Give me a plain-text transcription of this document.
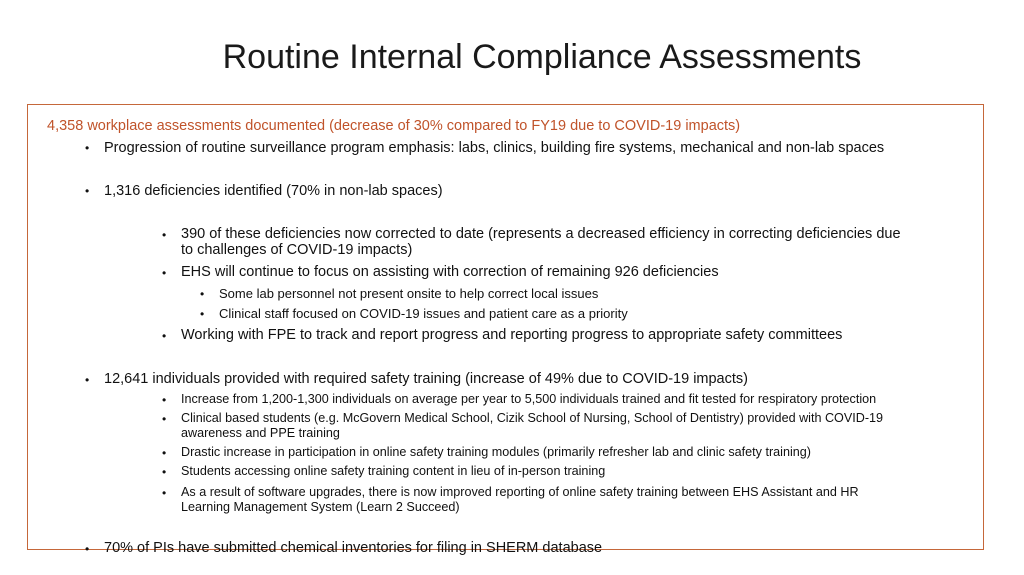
Routine Internal Compliance Assessments
4,358 workplace assessments documented (decrease of 30% compared to FY19 due to COVID-19 impacts)
• Progression of routine surveillance program emphasis: labs, clinics, building fire systems, mechanical and non-lab spaces
• 1,316 deficiencies identified (70% in non-lab spaces)
• 390 of these deficiencies now corrected to date (represents a decreased efficiency in correcting deficiencies due
to challenges of COVID-19 impacts)
• EHS will continue to focus on assisting with correction of remaining 926 deficiencies
• Some lab personnel not present onsite to help correct local issues
• Clinical staff focused on COVID-19 issues and patient care as a priority
• Working with FPE to track and report progress and reporting progress to appropriate safety committees
• 12,641 individuals provided with required safety training (increase of 49% due to COVID-19 impacts)
• Increase from 1,200-1,300 individuals on average per year to 5,500 individuals trained and fit tested for respiratory protection
• Clinical based students (e.g. McGovern Medical School, Cizik School of Nursing, School of Dentistry) provided with COVID-19
awareness and PPE training
• Drastic increase in participation in online safety training modules (primarily refresher lab and clinic safety training)
• Students accessing online safety training content in lieu of in-person training
• As a result of software upgrades, there is now improved reporting of online safety training between EHS Assistant and HR
Learning Management System (Learn 2 Succeed)
• 70% of PIs have submitted chemical inventories for filing in SHERM database
